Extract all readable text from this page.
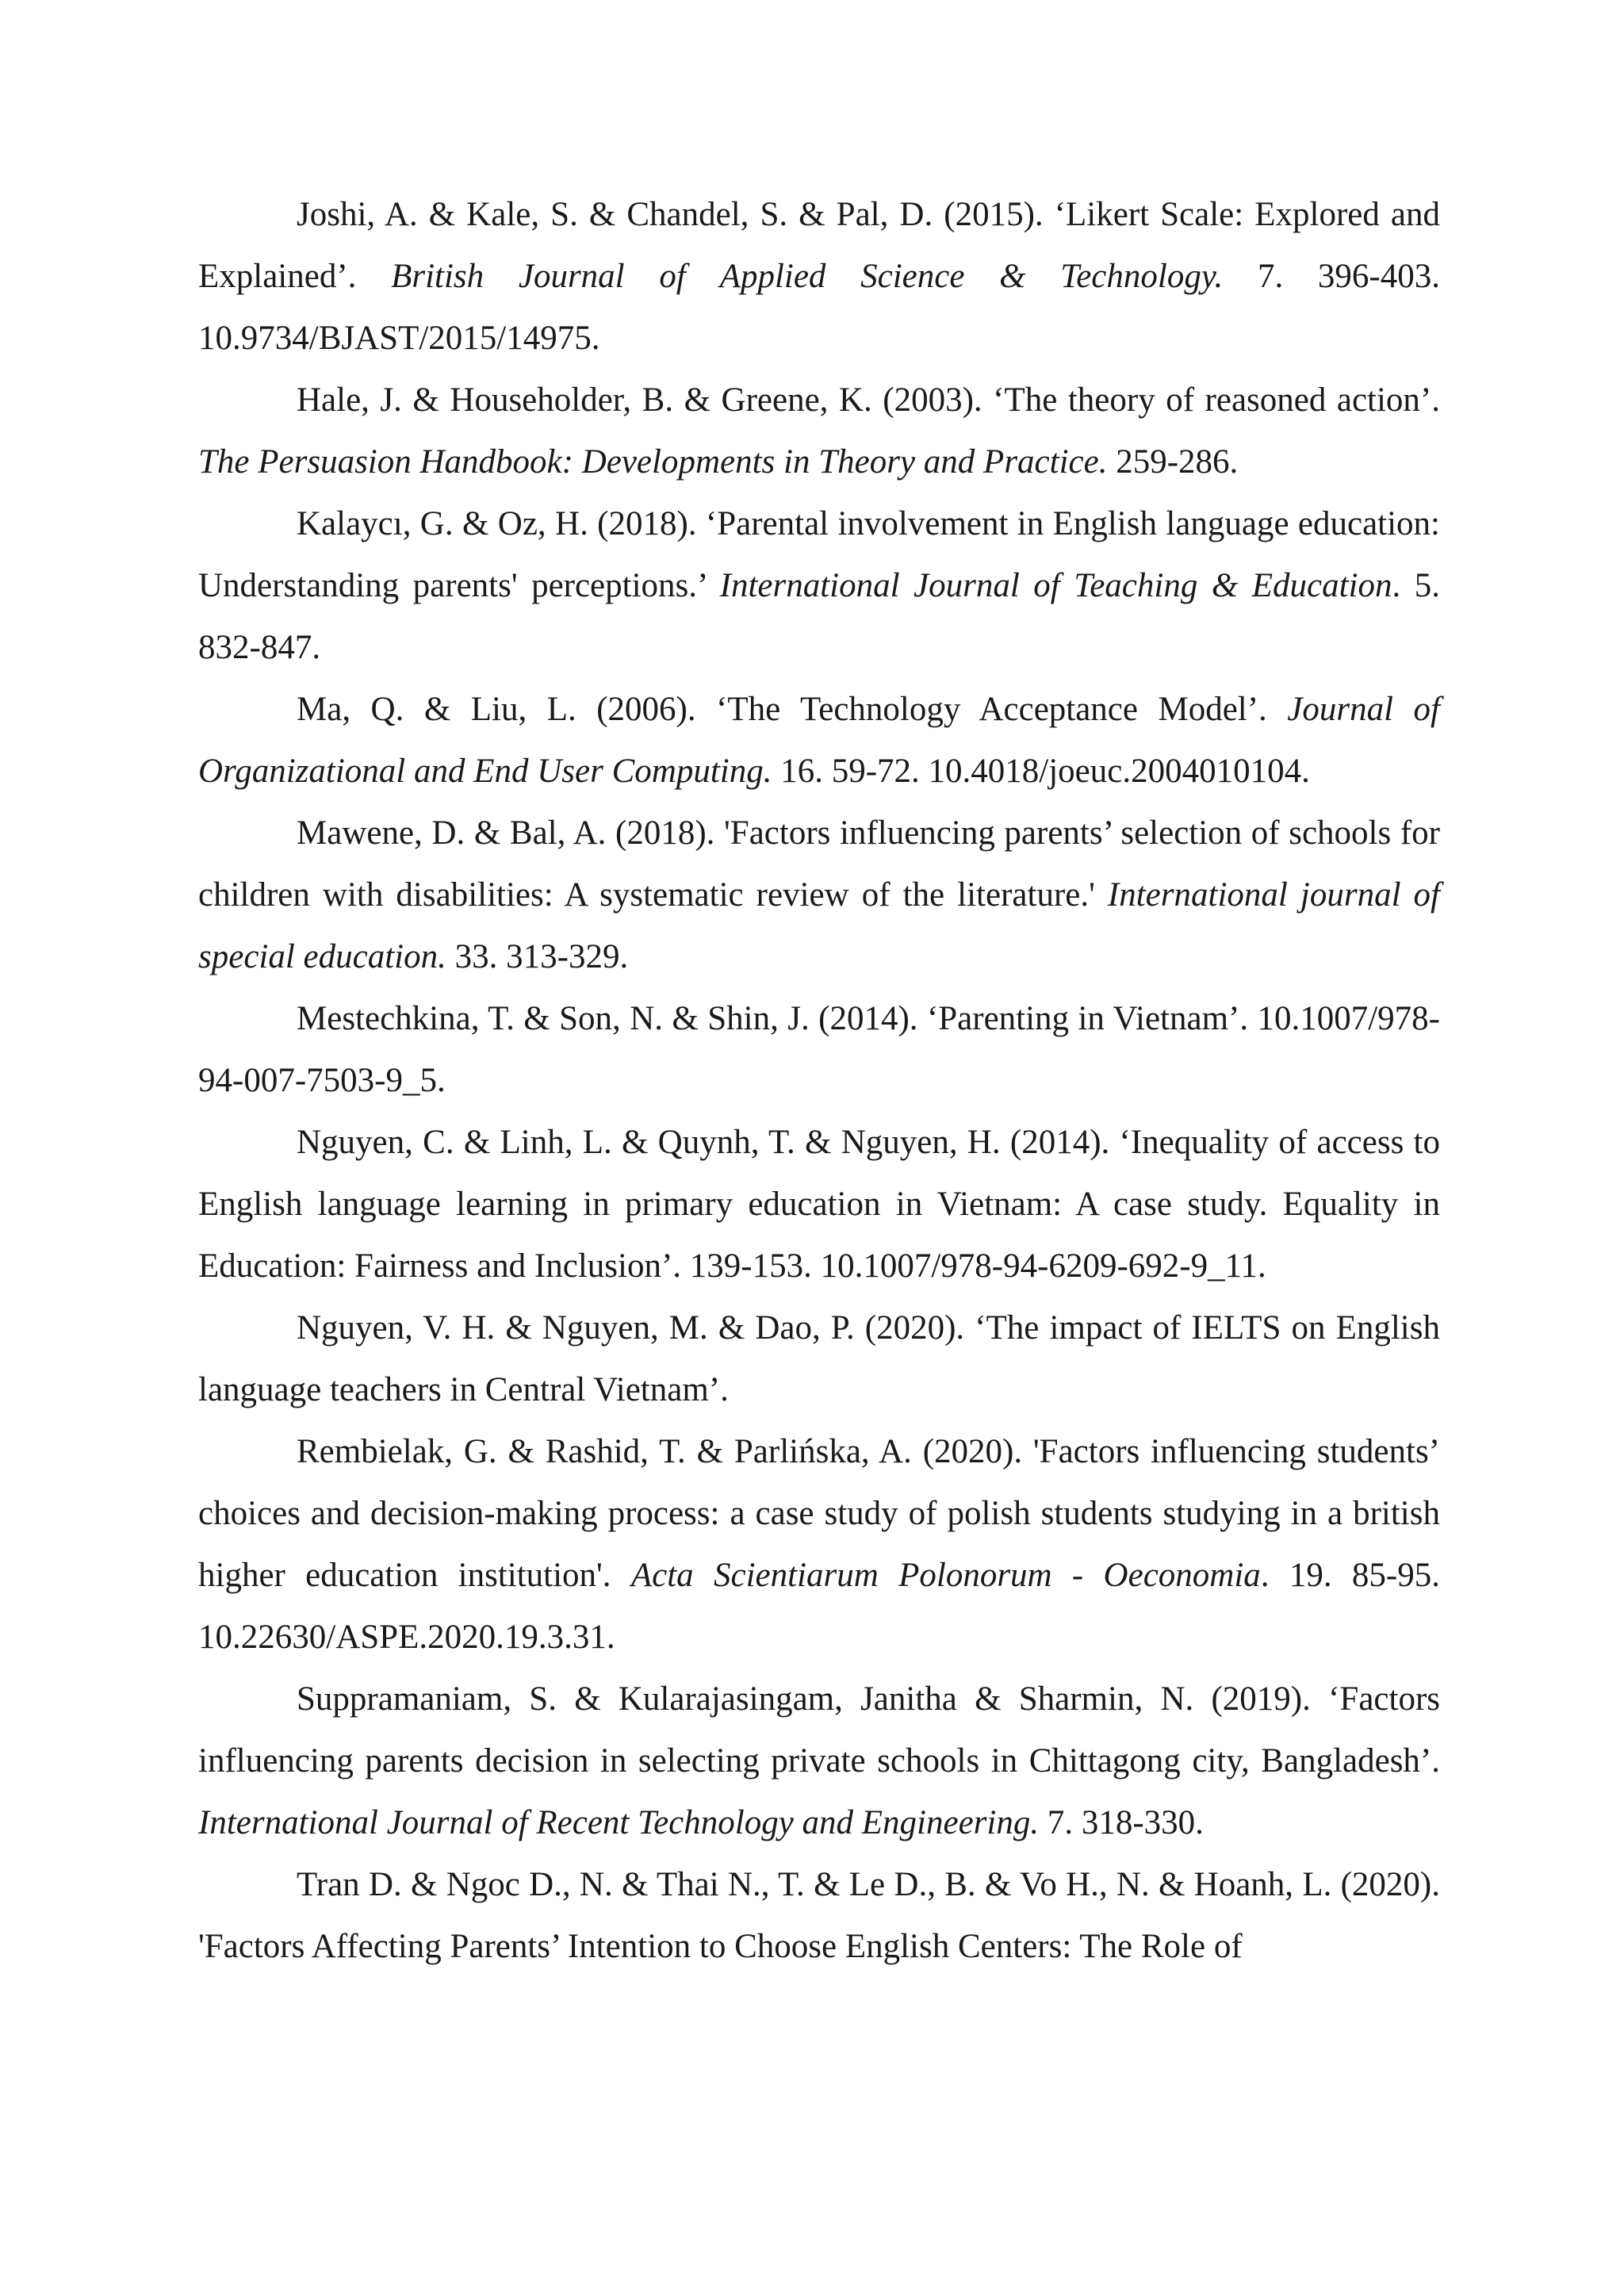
Joshi, A. & Kale, S. & Chandel, S. & Pal, D. (2015). ‘Likert Scale: Explored and Explained’. British Journal of Applied Science & Technology. 7. 396-403. 10.9734/BJAST/2015/14975.

Hale, J. & Householder, B. & Greene, K. (2003). ‘The theory of reasoned action’. The Persuasion Handbook: Developments in Theory and Practice. 259-286.

Kalaycı, G. & Oz, H. (2018). ‘Parental involvement in English language education: Understanding parents' perceptions.’ International Journal of Teaching & Education. 5. 832-847.

Ma, Q. & Liu, L. (2006). ‘The Technology Acceptance Model’. Journal of Organizational and End User Computing. 16. 59-72. 10.4018/joeuc.2004010104.

Mawene, D. & Bal, A. (2018). 'Factors influencing parents’ selection of schools for children with disabilities: A systematic review of the literature.' International journal of special education. 33. 313-329.

Mestechkina, T. & Son, N. & Shin, J. (2014). ‘Parenting in Vietnam’. 10.1007/978-94-007-7503-9_5.

Nguyen, C. & Linh, L. & Quynh, T. & Nguyen, H. (2014). ‘Inequality of access to English language learning in primary education in Vietnam: A case study. Equality in Education: Fairness and Inclusion’. 139-153. 10.1007/978-94-6209-692-9_11.

Nguyen, V. H. & Nguyen, M. & Dao, P. (2020). ‘The impact of IELTS on English language teachers in Central Vietnam’.

Rembielak, G. & Rashid, T. & Parlińska, A. (2020). 'Factors influencing students’ choices and decision-making process: a case study of polish students studying in a british higher education institution'. Acta Scientiarum Polonorum - Oeconomia. 19. 85-95. 10.22630/ASPE.2020.19.3.31.

Suppramaniam, S. & Kularajasingam, Janitha & Sharmin, N. (2019). ‘Factors influencing parents decision in selecting private schools in Chittagong city, Bangladesh’. International Journal of Recent Technology and Engineering. 7. 318-330.

Tran D. & Ngoc D., N. & Thai N., T. & Le D., B. & Vo H., N. & Hoanh, L. (2020). 'Factors Affecting Parents’ Intention to Choose English Centers: The Role of
